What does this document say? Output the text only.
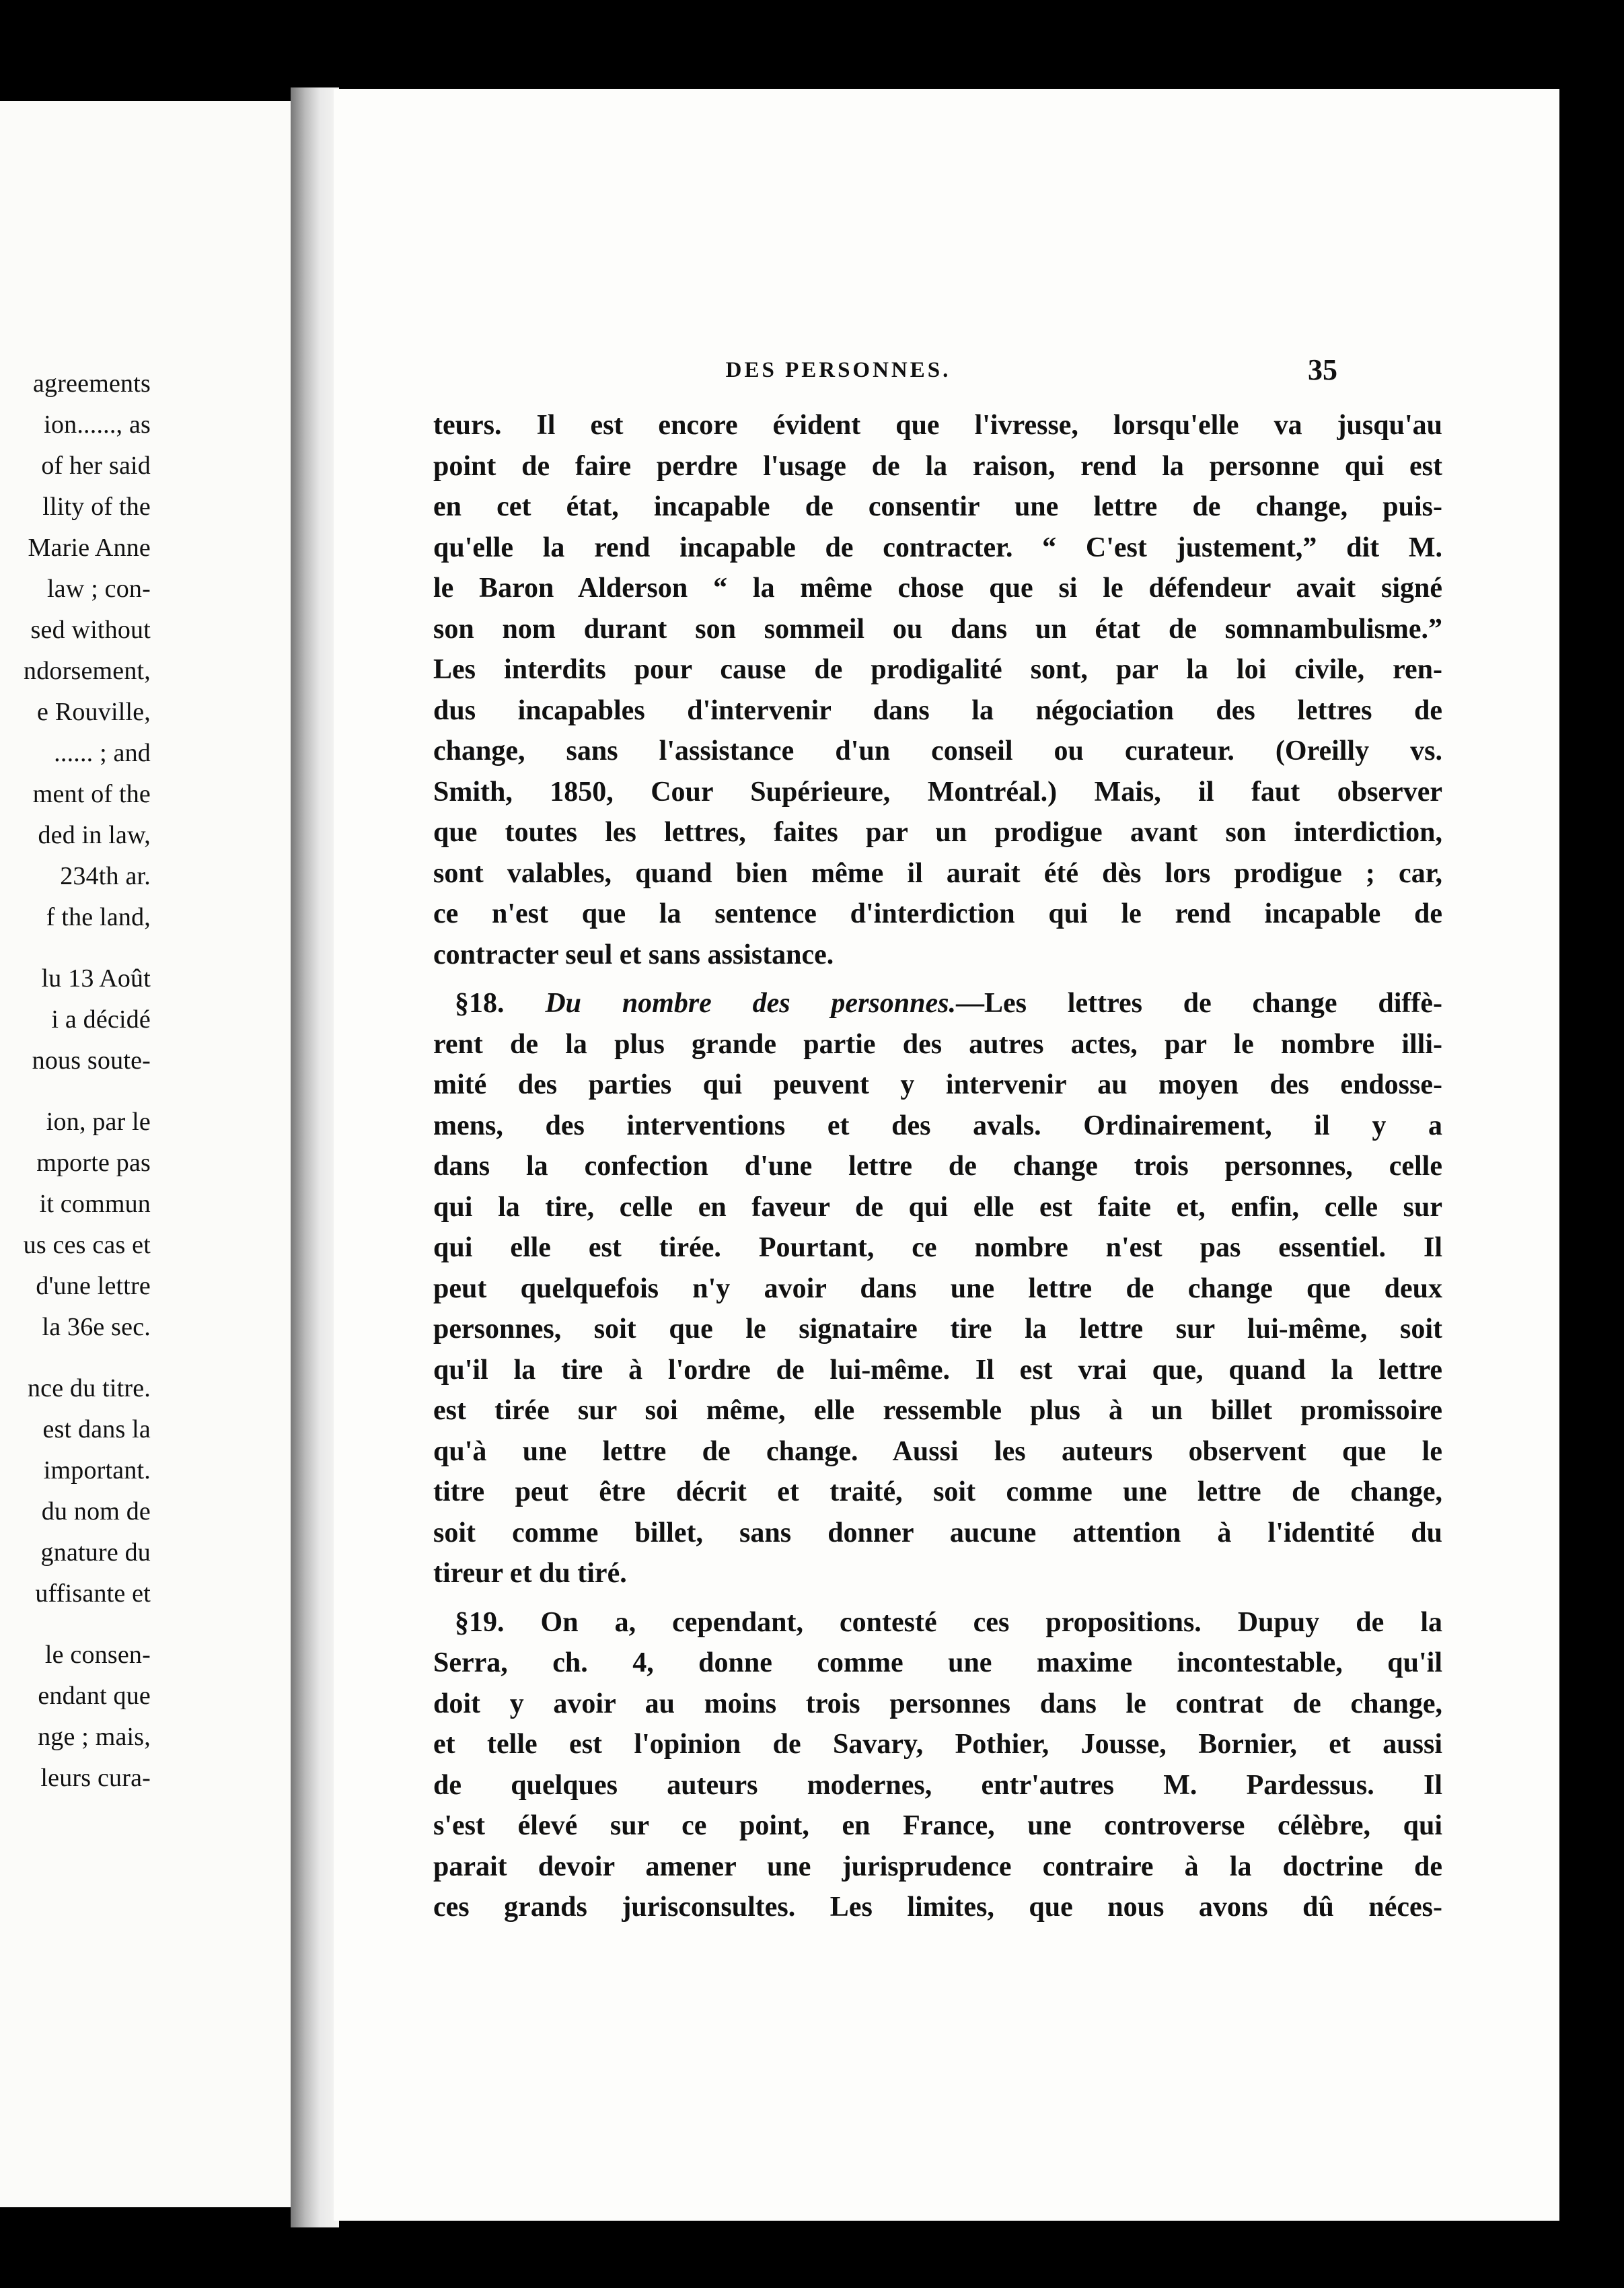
agreements
ion......, as
of her said
llity of the
Marie Anne
law ; con-
sed without
ndorsement,
e Rouville,
...... ; and
ment of the
ded in law,
234th ar.
f the land,
lu 13 Août
i a décidé
nous soute-
ion, par le
mporte pas
it commun
us ces cas et
d'une lettre
la 36e sec.
nce du titre.
est dans la
important.
du nom de
gnature du
uffisante et
le consen-
endant que
nge ; mais,
leurs cura-
DES PERSONNES.	35
teurs. Il est encore évident que l'ivresse, lorsqu'elle va jusqu'au
point de faire perdre l'usage de la raison, rend la personne qui est
en cet état, incapable de consentir une lettre de change, puis-
qu'elle la rend incapable de contracter. “ C'est justement,” dit M.
le Baron Alderson “ la même chose que si le défendeur avait signé
son nom durant son sommeil ou dans un état de somnambulisme.”
Les interdits pour cause de prodigalité sont, par la loi civile, ren-
dus incapables d'intervenir dans la négociation des lettres de
change, sans l'assistance d'un conseil ou curateur. (Oreilly vs.
Smith, 1850, Cour Supérieure, Montréal.) Mais, il faut observer
que toutes les lettres, faites par un prodigue avant son interdiction,
sont valables, quand bien même il aurait été dès lors prodigue ; car,
ce n'est que la sentence d'interdiction qui le rend incapable de
contracter seul et sans assistance.
§18. Du nombre des personnes.—Les lettres de change diffè-
rent de la plus grande partie des autres actes, par le nombre illi-
mité des parties qui peuvent y intervenir au moyen des endosse-
mens, des interventions et des avals. Ordinairement, il y a
dans la confection d'une lettre de change trois personnes, celle
qui la tire, celle en faveur de qui elle est faite et, enfin, celle sur
qui elle est tirée. Pourtant, ce nombre n'est pas essentiel. Il
peut quelquefois n'y avoir dans une lettre de change que deux
personnes, soit que le signataire tire la lettre sur lui-même, soit
qu'il la tire à l'ordre de lui-même. Il est vrai que, quand la lettre
est tirée sur soi même, elle ressemble plus à un billet promissoire
qu'à une lettre de change. Aussi les auteurs observent que le
titre peut être décrit et traité, soit comme une lettre de change,
soit comme billet, sans donner aucune attention à l'identité du
tireur et du tiré.
§19. On a, cependant, contesté ces propositions. Dupuy de la
Serra, ch. 4, donne comme une maxime incontestable, qu'il
doit y avoir au moins trois personnes dans le contrat de change,
et telle est l'opinion de Savary, Pothier, Jousse, Bornier, et aussi
de quelques auteurs modernes, entr'autres M. Pardessus. Il
s'est élevé sur ce point, en France, une controverse célèbre, qui
parait devoir amener une jurisprudence contraire à la doctrine de
ces grands jurisconsultes. Les limites, que nous avons dû néces-
